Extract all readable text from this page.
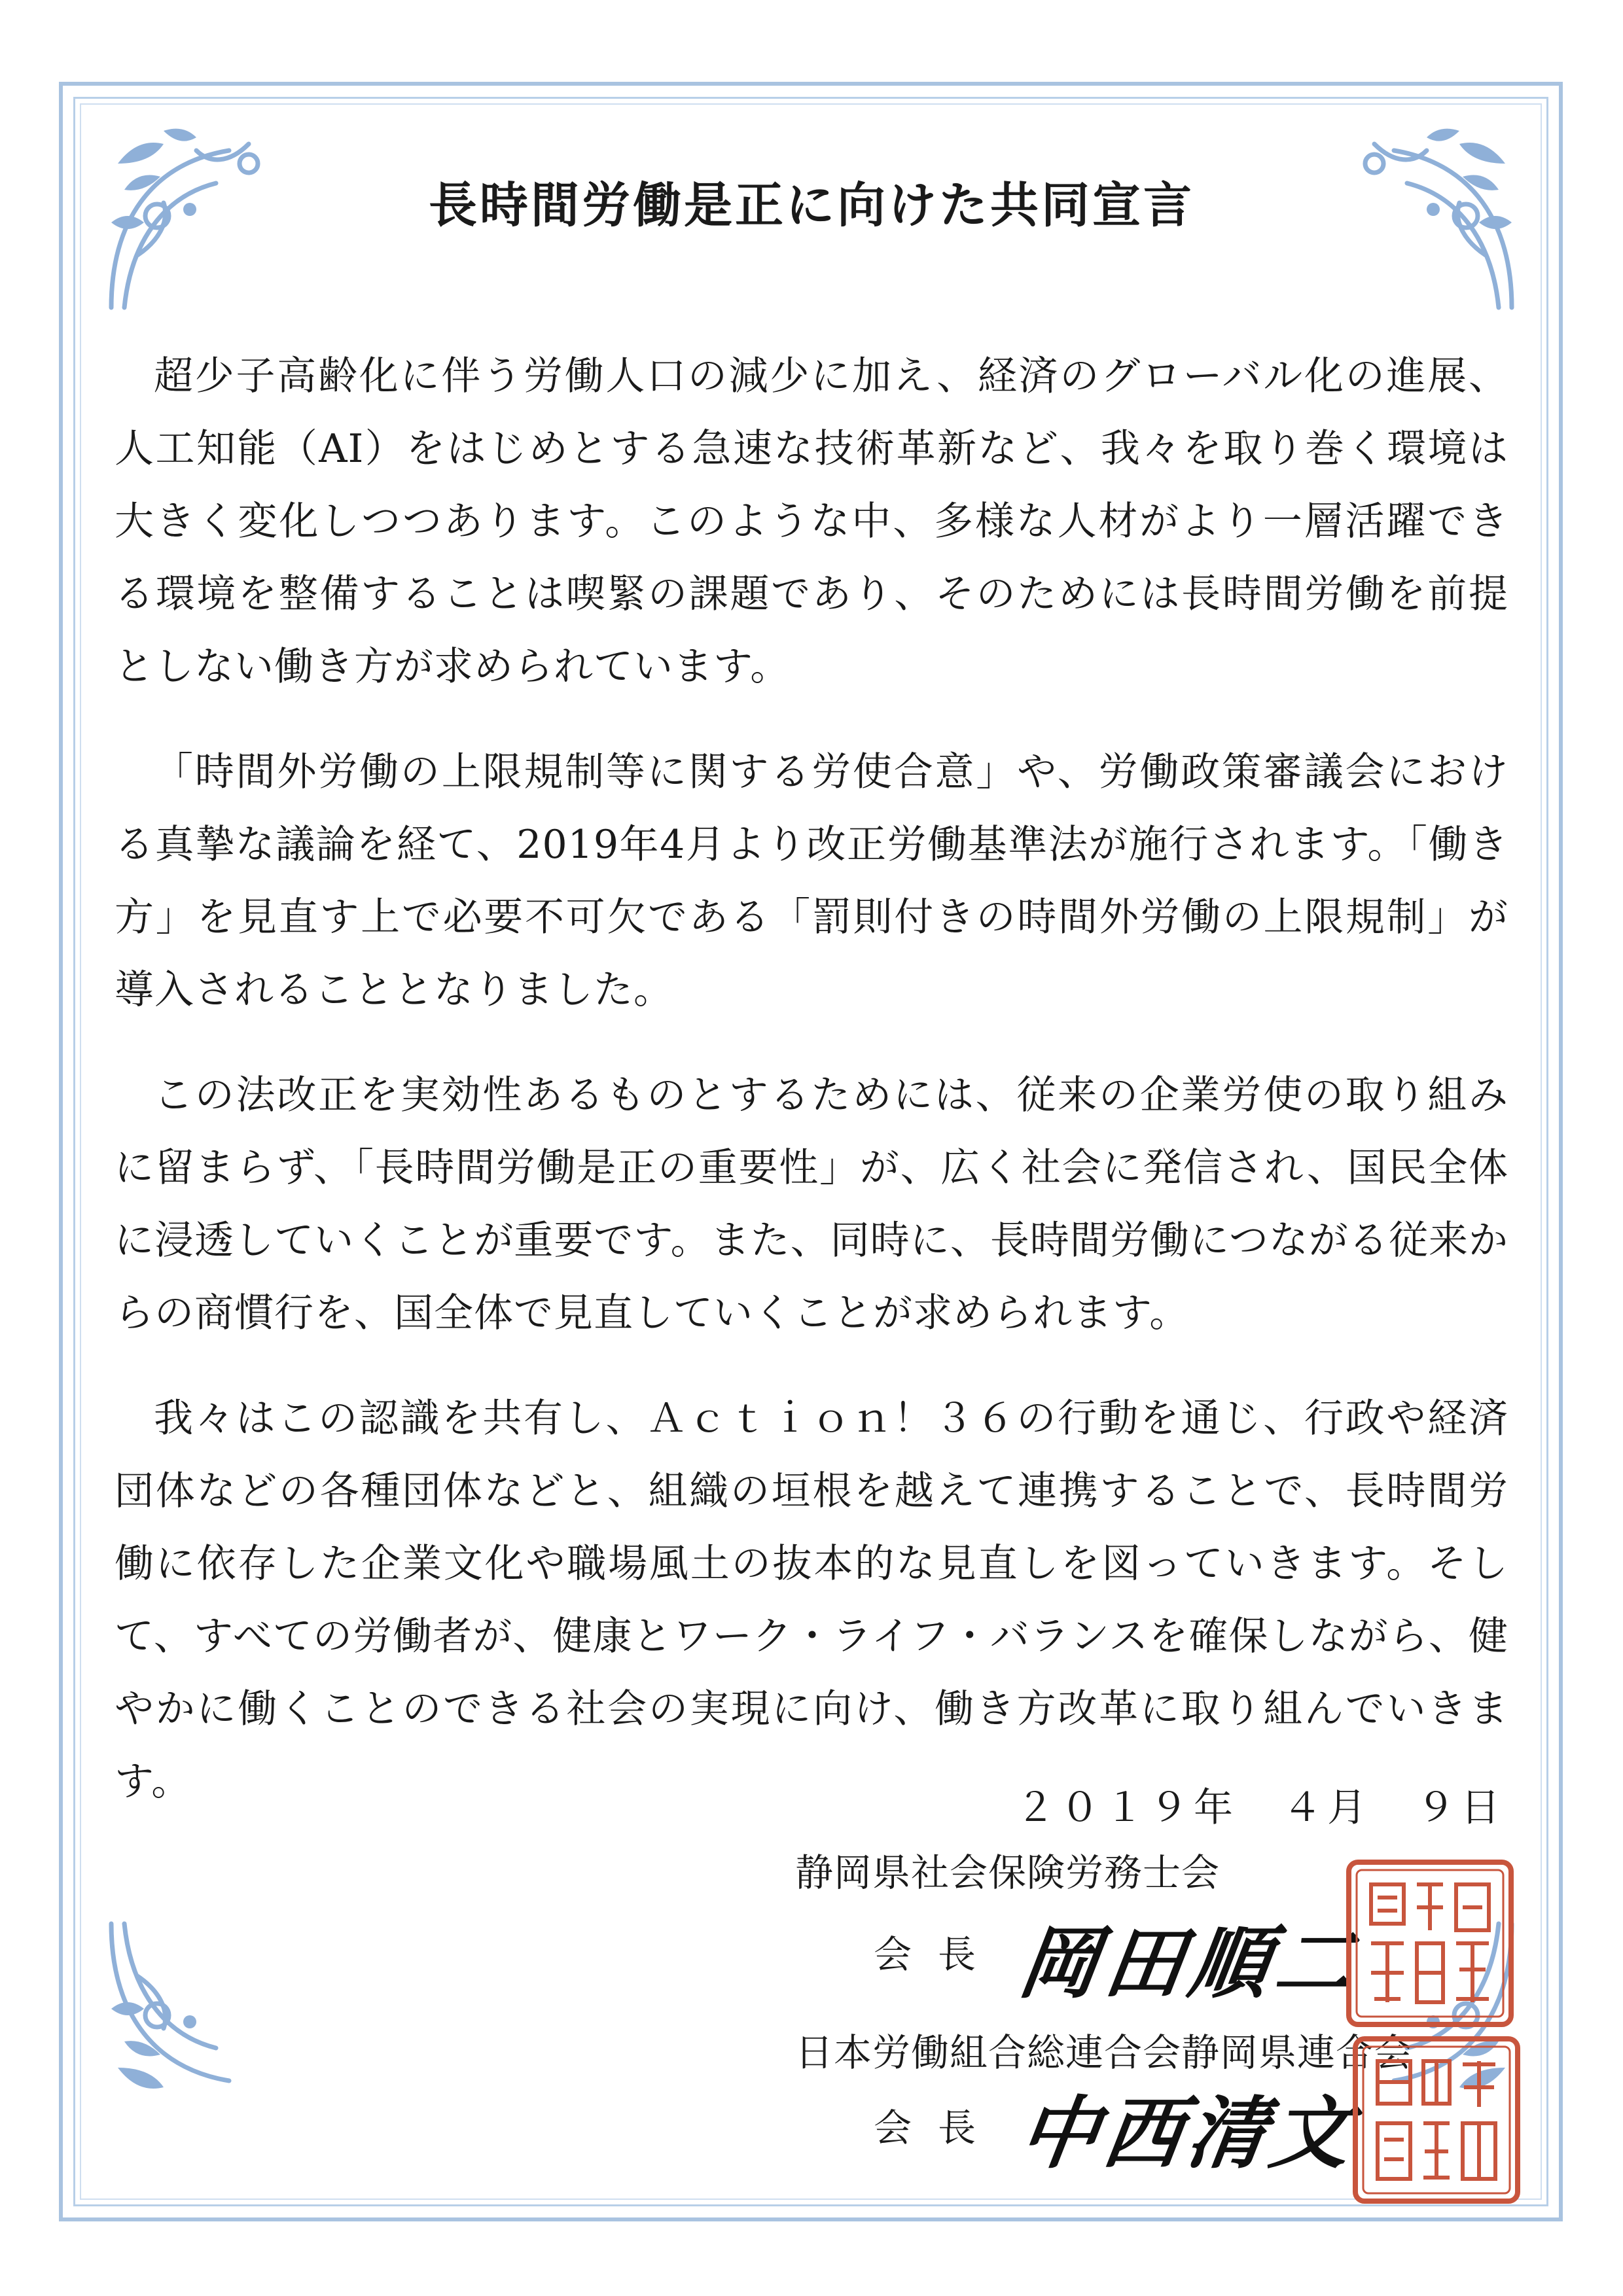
長時間労働是正に向けた共同宣言

超少子高齢化に伴う労働人口の減少に加え、経済のグローバル化の進展、人工知能（AI）をはじめとする急速な技術革新など、我々を取り巻く環境は大きく変化しつつあります。このような中、多様な人材がより一層活躍できる環境を整備することは喫緊の課題であり、そのためには長時間労働を前提としない働き方が求められています。

「時間外労働の上限規制等に関する労使合意」や、労働政策審議会における真摯な議論を経て、2019年4月より改正労働基準法が施行されます。「働き方」を見直す上で必要不可欠である「罰則付きの時間外労働の上限規制」が導入されることとなりました。

この法改正を実効性あるものとするためには、従来の企業労使の取り組みに留まらず、「長時間労働是正の重要性」が、広く社会に発信され、国民全体に浸透していくことが重要です。また、同時に、長時間労働につながる従来からの商慣行を、国全体で見直していくことが求められます。

我々はこの認識を共有し、Ａｃｔｉｏｎ！３６の行動を通じ、行政や経済団体などの各種団体などと、組織の垣根を越えて連携することで、長時間労働に依存した企業文化や職場風土の抜本的な見直しを図っていきます。そして、すべての労働者が、健康とワーク・ライフ・バランスを確保しながら、健やかに働くことのできる社会の実現に向け、働き方改革に取り組んでいきます。

２０１９年　４月　９日
静岡県社会保険労務士会
会長 岡田順二
日本労働組合総連合会静岡県連合会
会長 中西清文
